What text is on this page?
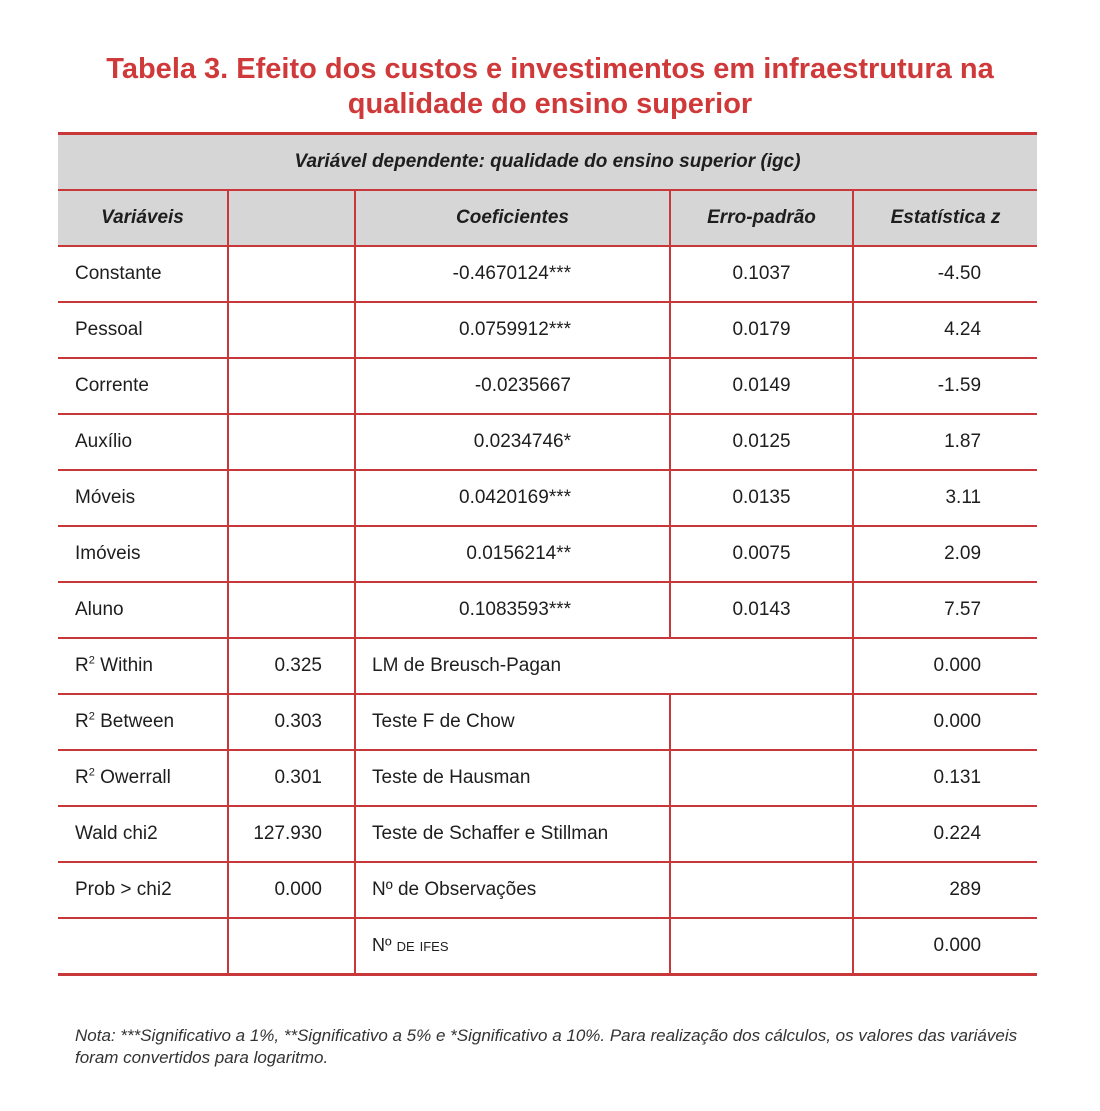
Tabela 3. Efeito dos custos e investimentos em infraestrutura na
qualidade do ensino superior
Variável dependente: qualidade do ensino superior (igc)				
Variáveis		Coeficientes	Erro-padrão	Estatística z
Constante		-0.4670124***	0.1037	-4.50
Pessoal		0.0759912***	0.0179	4.24
Corrente		-0.0235667	0.0149	-1.59
Auxílio		0.0234746*	0.0125	1.87
Móveis		0.0420169***	0.0135	3.11
Imóveis		0.0156214**	0.0075	2.09
Aluno		0.1083593***	0.0143	7.57
$R^2$ Within	0.325	LM de Breusch-Pagan		0.000
$R^2$ Between	0.303	Teste F de Chow		0.000
$R^2$ Owerrall	0.301	Teste de Hausman		0.131
Wald chi2	127.930	Teste de Schaffer e Stillman		0.224
Prob > chi2	0.000	Nº de Observações		289
		Nº de ifes		0.000
Nota: ***Significativo a 1%, **Significativo a 5% e *Significativo a 10%. Para realização dos cálculos, os valores das variáveis foram convertidos para logaritmo.
